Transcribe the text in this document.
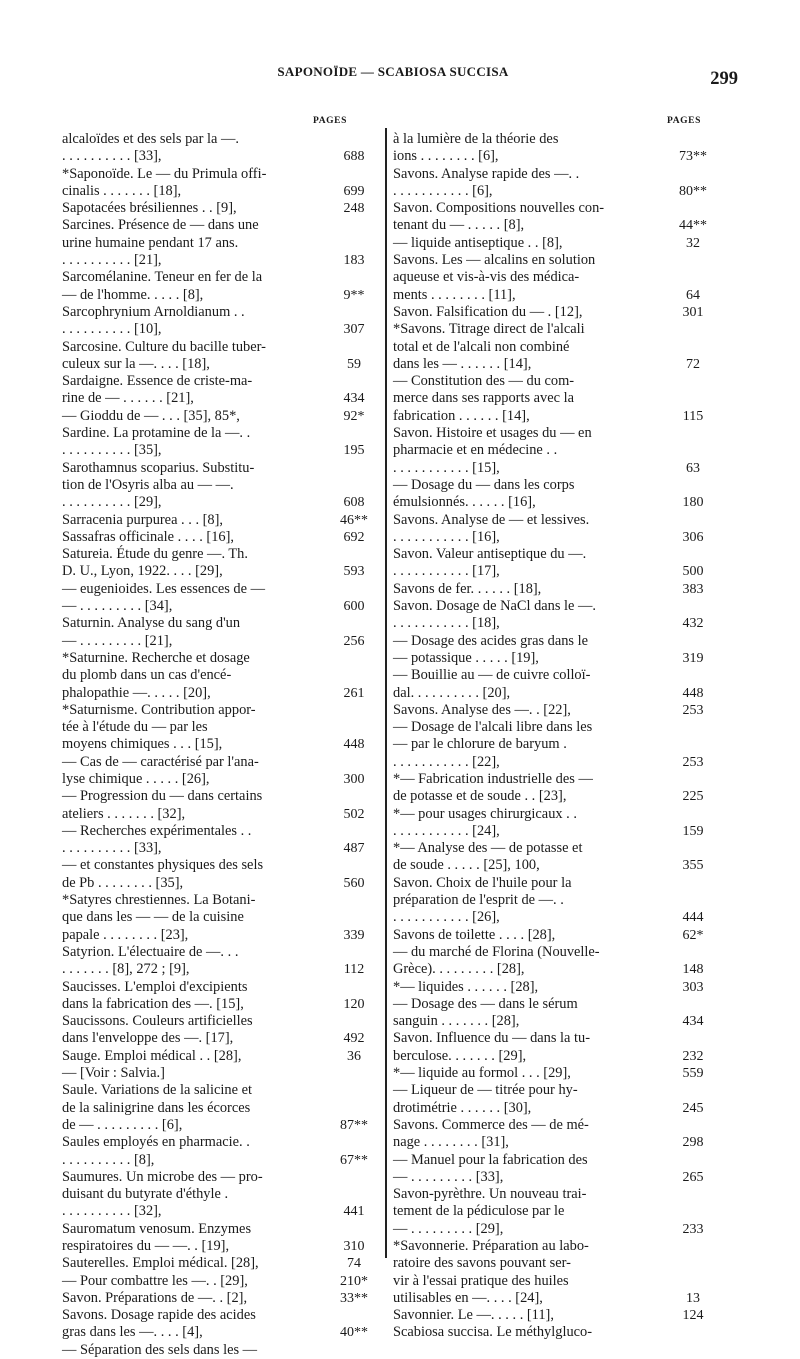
SAPONOÏDE — SCABIOSA SUCCISA	299
PAGES	PAGES
alcaloïdes et des sels par la —.
. . . . . . . . . . [33],	688
*Saponoïde. Le — du Primula offi-
cinalis . . . . . . . [18],	699
Sapotacées brésiliennes . . [9],	248
Sarcines. Présence de — dans une
urine humaine pendant 17 ans.
. . . . . . . . . . [21],	183
Sarcomélanine. Teneur en fer de la
— de l'homme. . . . . [8],	9**
Sarcophrynium Arnoldianum . .
. . . . . . . . . . [10],	307
Sarcosine. Culture du bacille tuber-
culeux sur la —. . . . [18],	59
Sardaigne. Essence de criste-ma-
rine de — . . . . . . [21],	434
— Gioddu de — . . . [35], 85*,	92*
Sardine. La protamine de la —. .
. . . . . . . . . . [35],	195
Sarothamnus scoparius. Substitu-
tion de l'Osyris alba au — —.
. . . . . . . . . . [29],	608
Sarracenia purpurea . . . [8],	46**
Sassafras officinale . . . . [16],	692
Satureia. Étude du genre —. Th.
D. U., Lyon, 1922. . . . [29],	593
— eugenioides. Les essences de —
— . . . . . . . . . [34],	600
Saturnin. Analyse du sang d'un
— . . . . . . . . . [21],	256
*Saturnine. Recherche et dosage
du plomb dans un cas d'encé-
phalopathie —. . . . . [20],	261
*Saturnisme. Contribution appor-
tée à l'étude du — par les
moyens chimiques . . . [15],	448
— Cas de — caractérisé par l'ana-
lyse chimique . . . . . [26],	300
— Progression du — dans certains
ateliers . . . . . . . [32],	502
— Recherches expérimentales . .
. . . . . . . . . . [33],	487
— et constantes physiques des sels
de Pb . . . . . . . . [35],	560
*Satyres chrestiennes. La Botani-
que dans les — — de la cuisine
papale . . . . . . . . [23],	339
Satyrion. L'électuaire de —. . .
. . . . . . . [8], 272 ; [9],	112
Saucisses. L'emploi d'excipients
dans la fabrication des —. [15],	120
Saucissons. Couleurs artificielles
dans l'enveloppe des —. [17],	492
Sauge. Emploi médical . . [28],	36
— [Voir : Salvia.]
Saule. Variations de la salicine et
de la salinigrine dans les écorces
de — . . . . . . . . . [6],	87**
Saules employés en pharmacie. .
. . . . . . . . . . [8],	67**
Saumures. Un microbe des — pro-
duisant du butyrate d'éthyle .
. . . . . . . . . . [32],	441
Sauromatum venosum. Enzymes
respiratoires du — —. . [19],	310
Sauterelles. Emploi médical. [28],	74
— Pour combattre les —. . [29],	210*
Savon. Préparations de —. . [2],	33**
Savons. Dosage rapide des acides
gras dans les —. . . . [4],	40**
— Séparation des sels dans les —
à la lumière de la théorie des
ions . . . . . . . . [6],	73**
Savons. Analyse rapide des —. .
. . . . . . . . . . . [6],	80**
Savon. Compositions nouvelles con-
tenant du — . . . . . [8],	44**
— liquide antiseptique . . [8],	32
Savons. Les — alcalins en solution
aqueuse et vis-à-vis des médica-
ments . . . . . . . . [11],	64
Savon. Falsification du — . [12],	301
*Savons. Titrage direct de l'alcali
total et de l'alcali non combiné
dans les — . . . . . . [14],	72
— Constitution des — du com-
merce dans ses rapports avec la
fabrication . . . . . . [14],	115
Savon. Histoire et usages du — en
pharmacie et en médecine . .
. . . . . . . . . . . [15],	63
— Dosage du — dans les corps
émulsionnés. . . . . . [16],	180
Savons. Analyse de — et lessives.
. . . . . . . . . . . [16],	306
Savon. Valeur antiseptique du —.
. . . . . . . . . . . [17],	500
Savons de fer. . . . . . [18],	383
Savon. Dosage de NaCl dans le —.
. . . . . . . . . . . [18],	432
— Dosage des acides gras dans le
— potassique . . . . . [19],	319
— Bouillie au — de cuivre colloï-
dal. . . . . . . . . . [20],	448
Savons. Analyse des —. . [22],	253
— Dosage de l'alcali libre dans les
— par le chlorure de baryum .
. . . . . . . . . . . [22],	253
*— Fabrication industrielle des —
de potasse et de soude . . [23],	225
*— pour usages chirurgicaux . .
. . . . . . . . . . . [24],	159
*— Analyse des — de potasse et
de soude . . . . . [25], 100,	355
Savon. Choix de l'huile pour la
préparation de l'esprit de —. .
. . . . . . . . . . . [26],	444
Savons de toilette . . . . [28],	62*
— du marché de Florina (Nouvelle-
Grèce). . . . . . . . . [28],	148
*— liquides . . . . . . [28],	303
— Dosage des — dans le sérum
sanguin . . . . . . . [28],	434
Savon. Influence du — dans la tu-
berculose. . . . . . . [29],	232
*— liquide au formol . . . [29],	559
— Liqueur de — titrée pour hy-
drotimétrie . . . . . . [30],	245
Savons. Commerce des — de mé-
nage . . . . . . . . [31],	298
— Manuel pour la fabrication des
— . . . . . . . . . [33],	265
Savon-pyrèthre. Un nouveau trai-
tement de la pédiculose par le
— . . . . . . . . . [29],	233
*Savonnerie. Préparation au labo-
ratoire des savons pouvant ser-
vir à l'essai pratique des huiles
utilisables en —. . . . [24],	13
Savonnier. Le —. . . . . [11],	124
Scabiosa succisa. Le méthylgluco-
